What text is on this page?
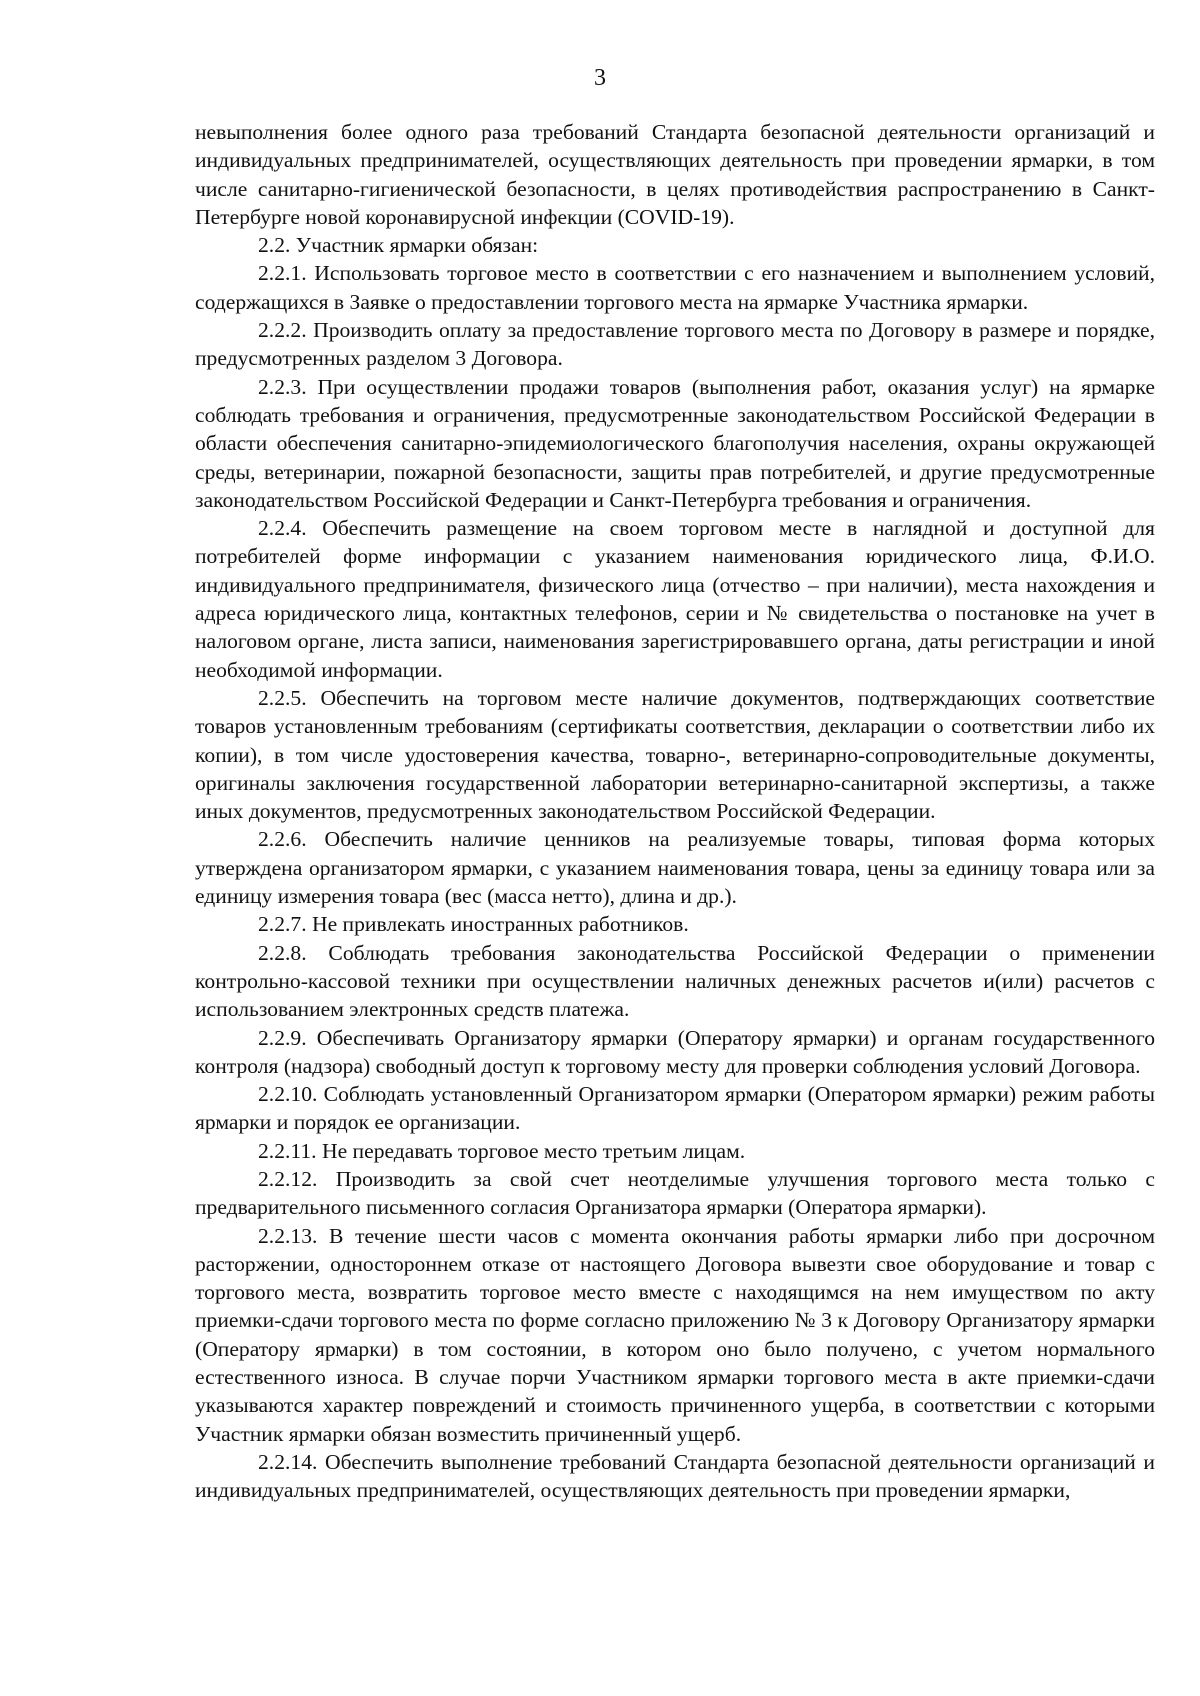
3

невыполнения более одного раза требований Стандарта безопасной деятельности организаций и индивидуальных предпринимателей, осуществляющих деятельность при проведении ярмарки, в том числе санитарно-гигиенической безопасности, в целях противодействия распространению в Санкт-Петербурге новой коронавирусной инфекции (COVID-19).

2.2. Участник ярмарки обязан:

2.2.1. Использовать торговое место в соответствии с его назначением и выполнением условий, содержащихся в Заявке о предоставлении торгового места на ярмарке Участника ярмарки.

2.2.2. Производить оплату за предоставление торгового места по Договору в размере и порядке, предусмотренных разделом 3 Договора.

2.2.3. При осуществлении продажи товаров (выполнения работ, оказания услуг) на ярмарке соблюдать требования и ограничения, предусмотренные законодательством Российской Федерации в области обеспечения санитарно-эпидемиологического благополучия населения, охраны окружающей среды, ветеринарии, пожарной безопасности, защиты прав потребителей, и другие предусмотренные законодательством Российской Федерации и Санкт-Петербурга требования и ограничения.

2.2.4. Обеспечить размещение на своем торговом месте в наглядной и доступной для потребителей форме информации с указанием наименования юридического лица, Ф.И.О. индивидуального предпринимателя, физического лица (отчество – при наличии), места нахождения и адреса юридического лица, контактных телефонов, серии и № свидетельства о постановке на учет в налоговом органе, листа записи, наименования зарегистрировавшего органа, даты регистрации и иной необходимой информации.

2.2.5. Обеспечить на торговом месте наличие документов, подтверждающих соответствие товаров установленным требованиям (сертификаты соответствия, декларации о соответствии либо их копии), в том числе удостоверения качества, товарно-, ветеринарно-сопроводительные документы, оригиналы заключения государственной лаборатории ветеринарно-санитарной экспертизы, а также иных документов, предусмотренных законодательством Российской Федерации.

2.2.6. Обеспечить наличие ценников на реализуемые товары, типовая форма которых утверждена организатором ярмарки, с указанием наименования товара, цены за единицу товара или за единицу измерения товара (вес (масса нетто), длина и др.).

2.2.7. Не привлекать иностранных работников.

2.2.8. Соблюдать требования законодательства Российской Федерации о применении контрольно-кассовой техники при осуществлении наличных денежных расчетов и(или) расчетов с использованием электронных средств платежа.

2.2.9. Обеспечивать Организатору ярмарки (Оператору ярмарки) и органам государственного контроля (надзора) свободный доступ к торговому месту для проверки соблюдения условий Договора.

2.2.10. Соблюдать установленный Организатором ярмарки (Оператором ярмарки) режим работы ярмарки и порядок ее организации.

2.2.11. Не передавать торговое место третьим лицам.

2.2.12. Производить за свой счет неотделимые улучшения торгового места только с предварительного письменного согласия Организатора ярмарки (Оператора ярмарки).

2.2.13. В течение шести часов с момента окончания работы ярмарки либо при досрочном расторжении, одностороннем отказе от настоящего Договора вывезти свое оборудование и товар с торгового места, возвратить торговое место вместе с находящимся на нем имуществом по акту приемки-сдачи торгового места по форме согласно приложению № 3 к Договору Организатору ярмарки (Оператору ярмарки) в том состоянии, в котором оно было получено, с учетом нормального естественного износа. В случае порчи Участником ярмарки торгового места в акте приемки-сдачи указываются характер повреждений и стоимость причиненного ущерба, в соответствии с которыми Участник ярмарки обязан возместить причиненный ущерб.

2.2.14. Обеспечить выполнение требований Стандарта безопасной деятельности организаций и индивидуальных предпринимателей, осуществляющих деятельность при проведении ярмарки,
